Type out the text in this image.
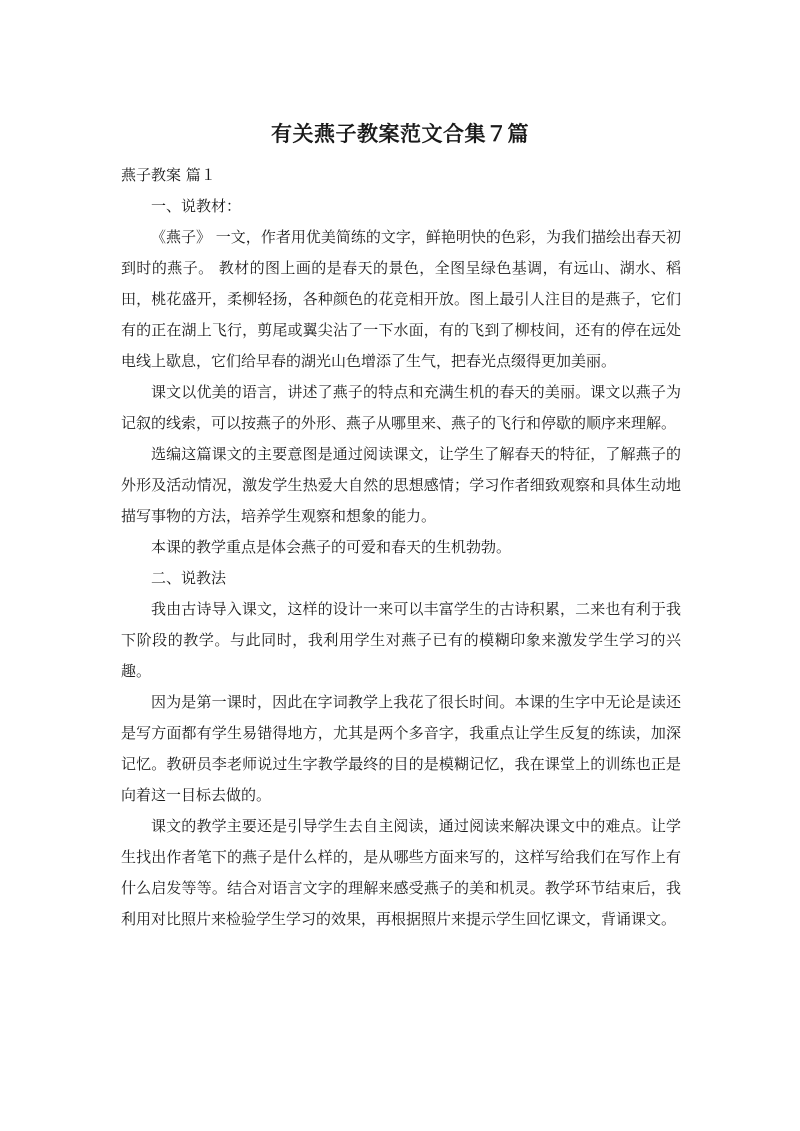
有关燕子教案范文合集７篇

燕子教案 篇１

一、说教材：

《燕子》 一文，作者用优美简练的文字，鲜艳明快的色彩，为我们描绘出春天初到时的燕子。 教材的图上画的是春天的景色，全图呈绿色基调，有远山、湖水、稻田，桃花盛开，柔柳轻扬，各种颜色的花竞相开放。图上最引人注目的是燕子，它们有的正在湖上飞行，剪尾或翼尖沾了一下水面，有的飞到了柳枝间，还有的停在远处电线上歇息，它们给早春的湖光山色增添了生气，把春光点缀得更加美丽。

课文以优美的语言，讲述了燕子的特点和充满生机的春天的美丽。课文以燕子为记叙的线索，可以按燕子的外形、燕子从哪里来、燕子的飞行和停歇的顺序来理解。

选编这篇课文的主要意图是通过阅读课文，让学生了解春天的特征，了解燕子的外形及活动情况，激发学生热爱大自然的思想感情；学习作者细致观察和具体生动地描写事物的方法，培养学生观察和想象的能力。

本课的教学重点是体会燕子的可爱和春天的生机勃勃。

二、说教法

我由古诗导入课文，这样的设计一来可以丰富学生的古诗积累，二来也有利于我下阶段的教学。与此同时，我利用学生对燕子已有的模糊印象来激发学生学习的兴趣。

因为是第一课时，因此在字词教学上我花了很长时间。本课的生字中无论是读还是写方面都有学生易错得地方，尤其是两个多音字，我重点让学生反复的练读，加深记忆。教研员李老师说过生字教学最终的目的是模糊记忆，我在课堂上的训练也正是向着这一目标去做的。

课文的教学主要还是引导学生去自主阅读，通过阅读来解决课文中的难点。让学生找出作者笔下的燕子是什么样的，是从哪些方面来写的，这样写给我们在写作上有什么启发等等。结合对语言文字的理解来感受燕子的美和机灵。教学环节结束后，我利用对比照片来检验学生学习的效果，再根据照片来提示学生回忆课文，背诵课文。
